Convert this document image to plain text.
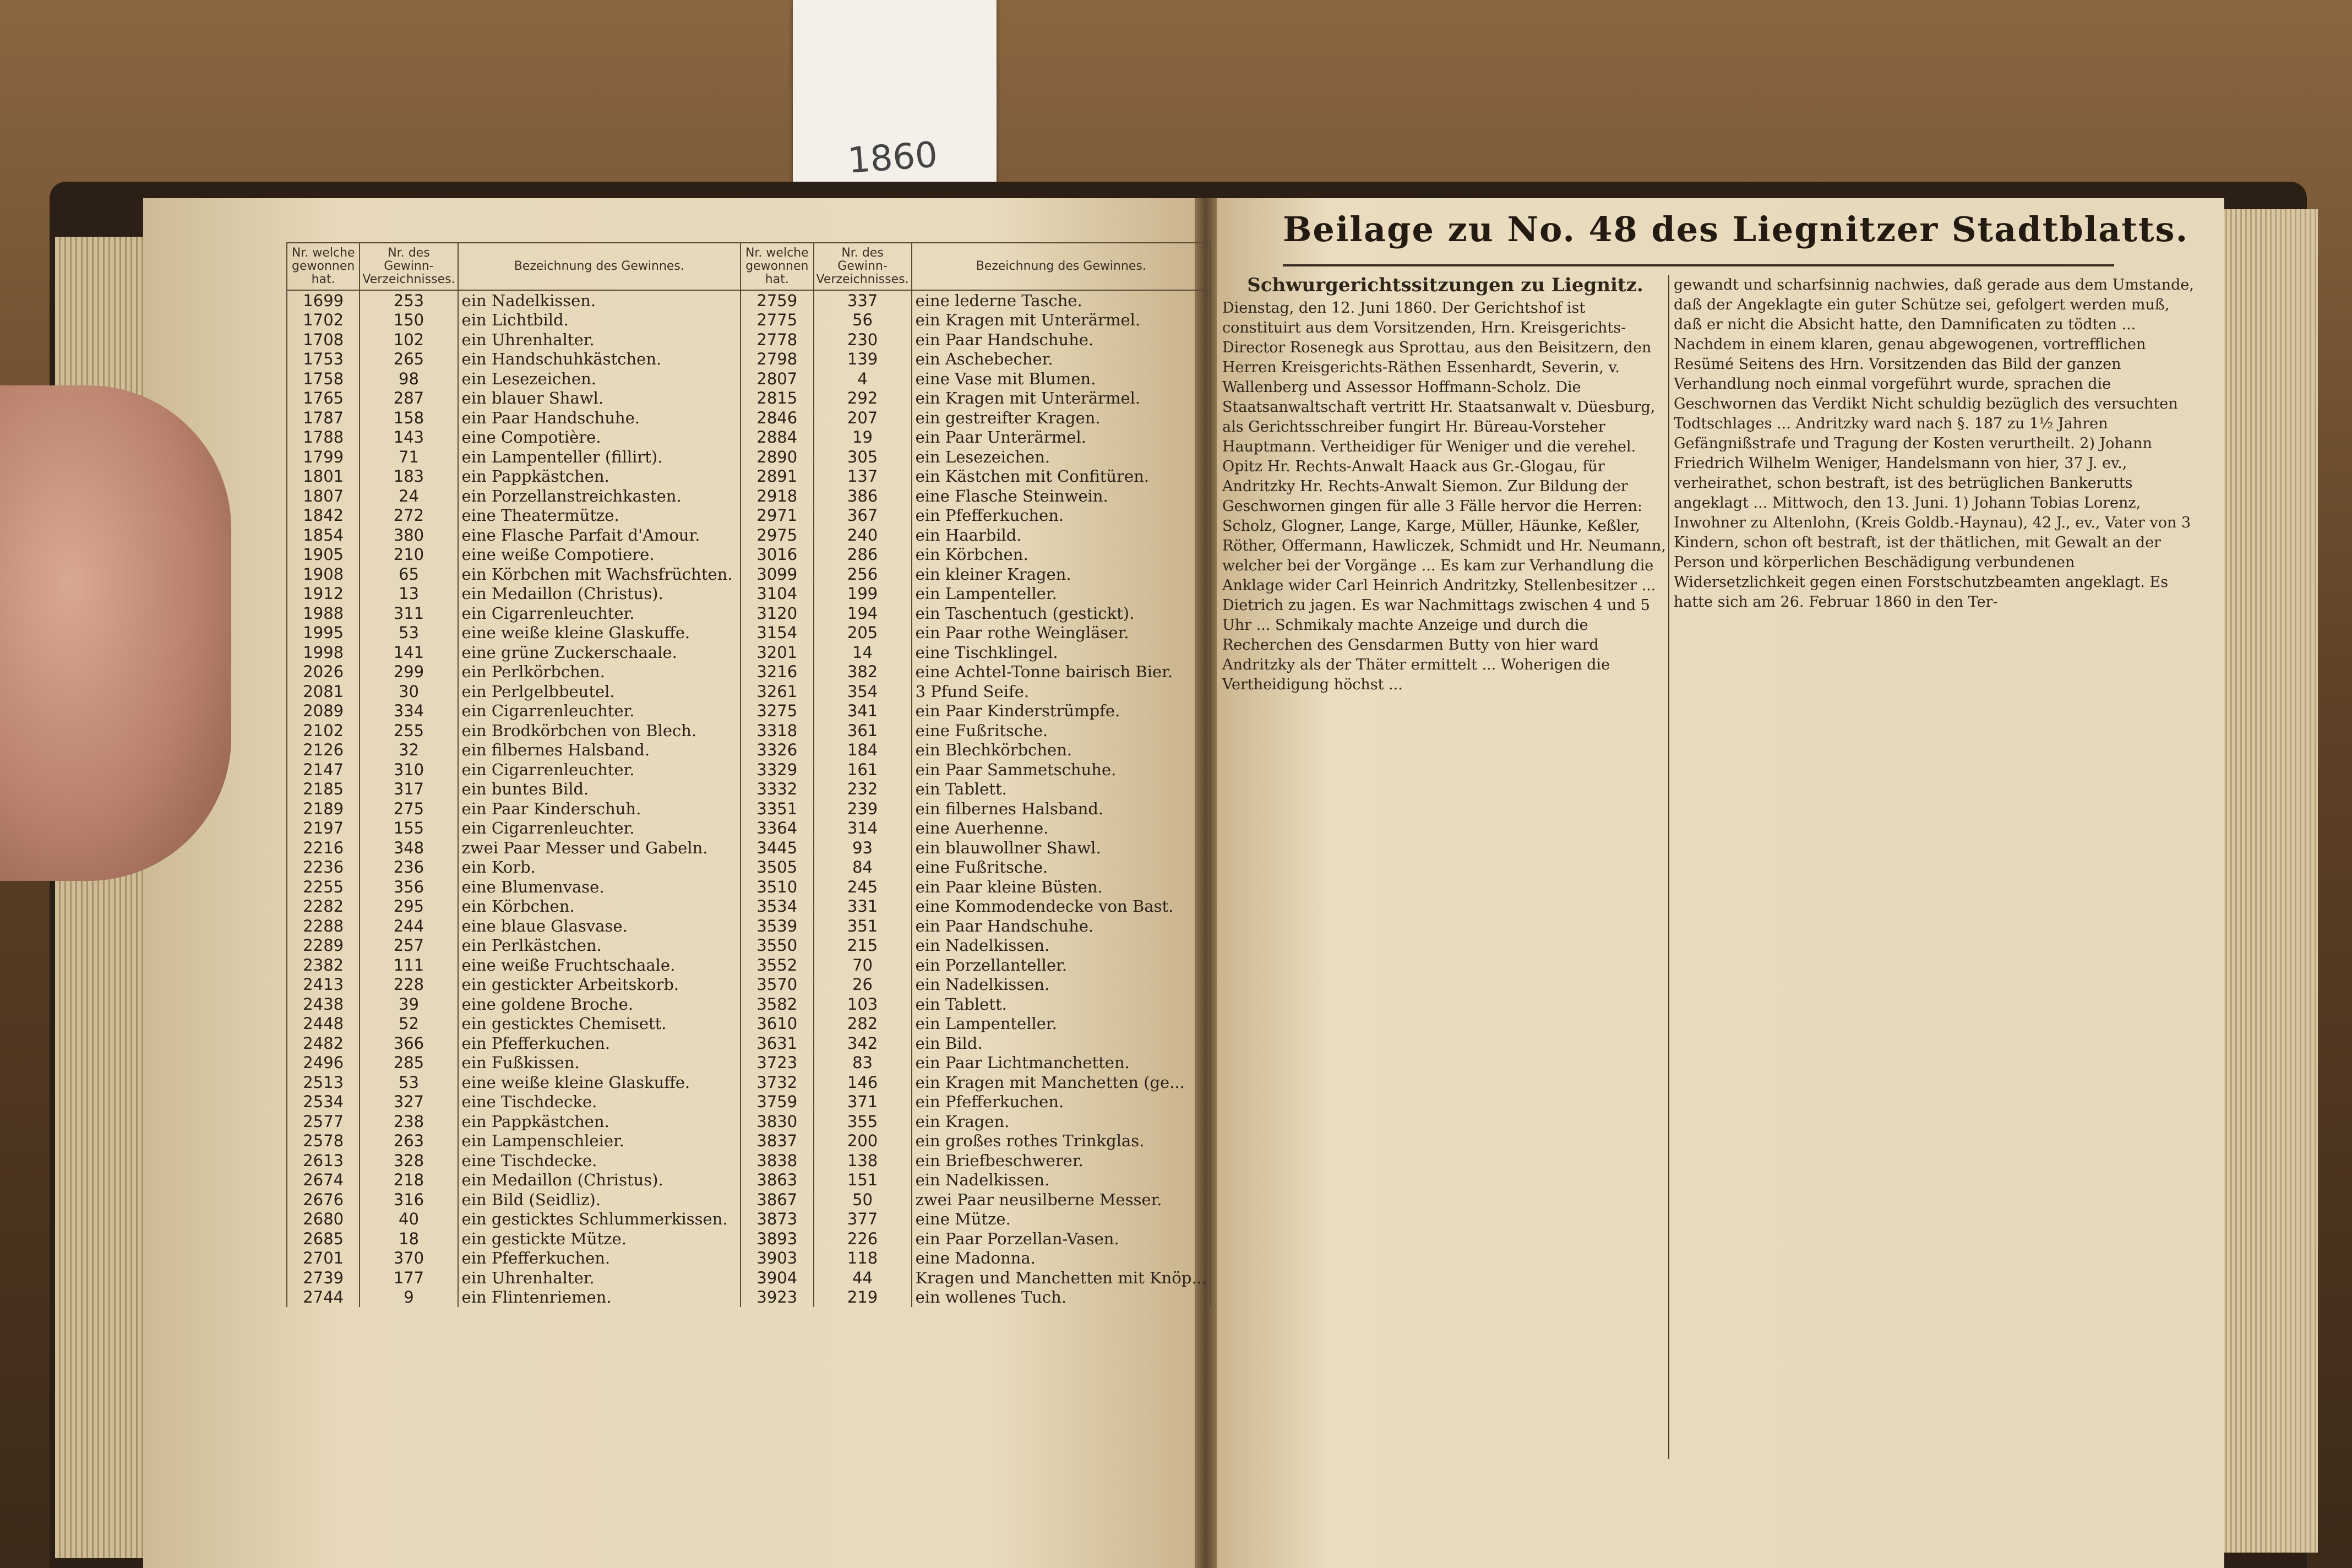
1860
Nr. welche gewonnen hat.	Nr. des Gewinn-Verzeichnisses.	Bezeichnung des Gewinnes.	Nr. welche gewonnen hat.	Nr. des Gewinn-Verzeichnisses.	Bezeichnung des Gewinnes.
1699	253	ein Nadelkissen.	2759	337	eine lederne Tasche.
1702	150	ein Lichtbild.	2775	56	ein Kragen mit Unterärmel.
1708	102	ein Uhrenhalter.	2778	230	ein Paar Handschuhe.
1753	265	ein Handschuhkästchen.	2798	139	ein Aschebecher.
1758	98	ein Lesezeichen.	2807	4	eine Vase mit Blumen.
1765	287	ein blauer Shawl.	2815	292	ein Kragen mit Unterärmel.
1787	158	ein Paar Handschuhe.	2846	207	ein gestreifter Kragen.
1788	143	eine Compotière.	2884	19	ein Paar Unterärmel.
1799	71	ein Lampenteller (fillirt).	2890	305	ein Lesezeichen.
1801	183	ein Pappkästchen.	2891	137	ein Kästchen mit Confitüren.
1807	24	ein Porzellanstreichkasten.	2918	386	eine Flasche Steinwein.
1842	272	eine Theatermütze.	2971	367	ein Pfefferkuchen.
1854	380	eine Flasche Parfait d'Amour.	2975	240	ein Haarbild.
1905	210	eine weiße Compotiere.	3016	286	ein Körbchen.
1908	65	ein Körbchen mit Wachsfrüchten.	3099	256	ein kleiner Kragen.
1912	13	ein Medaillon (Christus).	3104	199	ein Lampenteller.
1988	311	ein Cigarrenleuchter.	3120	194	ein Taschentuch (gestickt).
1995	53	eine weiße kleine Glaskuffe.	3154	205	ein Paar rothe Weingläser.
1998	141	eine grüne Zuckerschaale.	3201	14	eine Tischklingel.
2026	299	ein Perlkörbchen.	3216	382	eine Achtel-Tonne bairisch Bier.
2081	30	ein Perlgelbbeutel.	3261	354	3 Pfund Seife.
2089	334	ein Cigarrenleuchter.	3275	341	ein Paar Kinderstrümpfe.
2102	255	ein Brodkörbchen von Blech.	3318	361	eine Fußritsche.
2126	32	ein filbernes Halsband.	3326	184	ein Blechkörbchen.
2147	310	ein Cigarrenleuchter.	3329	161	ein Paar Sammetschuhe.
2185	317	ein buntes Bild.	3332	232	ein Tablett.
2189	275	ein Paar Kinderschuh.	3351	239	ein filbernes Halsband.
2197	155	ein Cigarrenleuchter.	3364	314	eine Auerhenne.
2216	348	zwei Paar Messer und Gabeln.	3445	93	ein blauwollner Shawl.
2236	236	ein Korb.	3505	84	eine Fußritsche.
2255	356	eine Blumenvase.	3510	245	ein Paar kleine Büsten.
2282	295	ein Körbchen.	3534	331	eine Kommodendecke von Bast.
2288	244	eine blaue Glasvase.	3539	351	ein Paar Handschuhe.
2289	257	ein Perlkästchen.	3550	215	ein Nadelkissen.
2382	111	eine weiße Fruchtschaale.	3552	70	ein Porzellanteller.
2413	228	ein gestickter Arbeitskorb.	3570	26	ein Nadelkissen.
2438	39	eine goldene Broche.	3582	103	ein Tablett.
2448	52	ein gesticktes Chemisett.	3610	282	ein Lampenteller.
2482	366	ein Pfefferkuchen.	3631	342	ein Bild.
2496	285	ein Fußkissen.	3723	83	ein Paar Lichtmanchetten.
2513	53	eine weiße kleine Glaskuffe.	3732	146	ein Kragen mit Manchetten (ge...
2534	327	eine Tischdecke.	3759	371	ein Pfefferkuchen.
2577	238	ein Pappkästchen.	3830	355	ein Kragen.
2578	263	ein Lampenschleier.	3837	200	ein großes rothes Trinkglas.
2613	328	eine Tischdecke.	3838	138	ein Briefbeschwerer.
2674	218	ein Medaillon (Christus).	3863	151	ein Nadelkissen.
2676	316	ein Bild (Seidliz).	3867	50	zwei Paar neusilberne Messer.
2680	40	ein gesticktes Schlummerkissen.	3873	377	eine Mütze.
2685	18	ein gestickte Mütze.	3893	226	ein Paar Porzellan-Vasen.
2701	370	ein Pfefferkuchen.	3903	118	eine Madonna.
2739	177	ein Uhrenhalter.	3904	44	Kragen und Manchetten mit Knöp...
2744	9	ein Flintenriemen.	3923	219	ein wollenes Tuch.
Beilage zu No. 48 des Liegnitzer Stadtblatts.
Schwurgerichtssitzungen zu Liegnitz.
Dienstag, den 12. Juni 1860. Der Gerichtshof ist constituirt aus dem Vorsitzenden, Hrn. Kreisgerichts-Director Rosenegk aus Sprottau, aus den Beisitzern, den Herren Kreisgerichts-Räthen Essenhardt, Severin, v. Wallenberg und Assessor Hoffmann-Scholz. Die Staatsanwaltschaft vertritt Hr. Staatsanwalt v. Düesburg, als Gerichtsschreiber fungirt Hr. Büreau-Vorsteher Hauptmann. Vertheidiger für Weniger und die verehel. Opitz Hr. Rechts-Anwalt Haack aus Gr.-Glogau, für Andritzky Hr. Rechts-Anwalt Siemon. Zur Bildung der Geschwornen gingen für alle 3 Fälle hervor die Herren: Scholz, Glogner, Lange, Karge, Müller, Häunke, Keßler, Röther, Offermann, Hawliczek, Schmidt und Hr. Neumann, welcher bei der Vorgänge ... Es kam zur Verhandlung die Anklage wider Carl Heinrich Andritzky, Stellenbesitzer ... Dietrich zu jagen. Es war Nachmittags zwischen 4 und 5 Uhr ... Schmikaly machte Anzeige und durch die Recherchen des Gensdarmen Butty von hier ward Andritzky als der Thäter ermittelt ... Woherigen die Vertheidigung höchst ...
gewandt und scharfsinnig nachwies, daß gerade aus dem Umstande, daß der Angeklagte ein guter Schütze sei, gefolgert werden muß, daß er nicht die Absicht hatte, den Damnificaten zu tödten ... Nachdem in einem klaren, genau abgewogenen, vortrefflichen Resümé Seitens des Hrn. Vorsitzenden das Bild der ganzen Verhandlung noch einmal vorgeführt wurde, sprachen die Geschwornen das Verdikt Nicht schuldig bezüglich des versuchten Todtschlages ... Andritzky ward nach §. 187 zu 1½ Jahren Gefängnißstrafe und Tragung der Kosten verurtheilt. 2) Johann Friedrich Wilhelm Weniger, Handelsmann von hier, 37 J. ev., verheirathet, schon bestraft, ist des betrüglichen Bankerutts angeklagt ... Mittwoch, den 13. Juni. 1) Johann Tobias Lorenz, Inwohner zu Altenlohn, (Kreis Goldb.-Haynau), 42 J., ev., Vater von 3 Kindern, schon oft bestraft, ist der thätlichen, mit Gewalt an der Person und körperlichen Beschädigung verbundenen Widersetzlichkeit gegen einen Forstschutzbeamten angeklagt. Es hatte sich am 26. Februar 1860 in den Ter-
